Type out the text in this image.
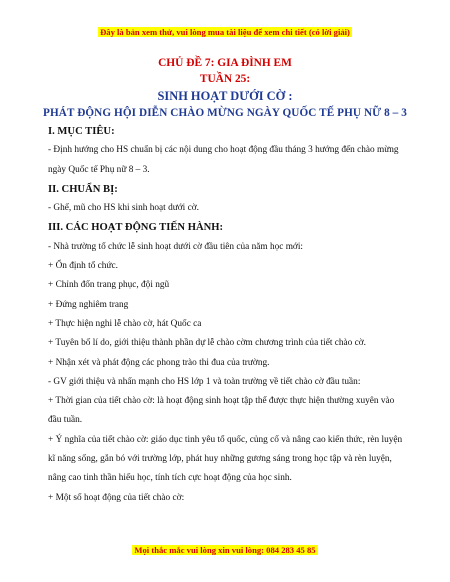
Đây là bản xem thử, vui lòng mua tài liệu để xem chi tiết (có lời giải)
CHỦ ĐỀ 7: GIA ĐÌNH EM
TUẦN 25:
SINH HOẠT DƯỚI CỜ :
PHÁT ĐỘNG HỘI DIỄN CHÀO MỪNG NGÀY QUỐC TẾ PHỤ NỮ 8 – 3
I. MỤC TIÊU:

- Định hướng cho HS chuẩn bị các nội dung cho hoạt động đầu tháng 3 hướng đến chào mừng ngày Quốc tế Phụ nữ 8 – 3.

II. CHUẨN BỊ:

- Ghế, mũ cho HS khi sinh hoạt dưới cờ.

III. CÁC HOẠT ĐỘNG TIẾN HÀNH:

- Nhà trường tổ chức lễ sinh hoạt dưới cờ đầu tiên của năm học mới:

+ Ổn định tổ chức.

+ Chỉnh đốn trang phục, đội ngũ

+ Đứng nghiêm trang

+ Thực hiện nghi lễ chào cờ, hát Quốc ca

+ Tuyên bố lí do, giới thiệu thành phần dự lễ chào cờm chương trình của tiết chào cờ.

+ Nhận xét và phát động các phong trào thi đua của trường.

- GV giới thiệu và nhấn mạnh cho HS lớp 1 và toàn trường về tiết chào cờ đầu tuần:

+ Thời gian của tiết chào cờ: là hoạt động sinh hoạt tập thể được thực hiện thường xuyên vào đầu tuần.

+ Ý nghĩa của tiết chào cờ: giáo dục tinh yêu tổ quốc, củng cố và nâng cao kiến thức, rèn luyện kĩ năng sống, gắn bó với trường lớp, phát huy những gương sáng trong học tập và rèn luyện, nâng cao tinh thần hiếu học, tính tích cực hoạt động của học sinh.

+ Một số hoạt động của tiết chào cờ:

Mọi thắc mắc vui lòng xin vui lòng: 084 283 45 85
